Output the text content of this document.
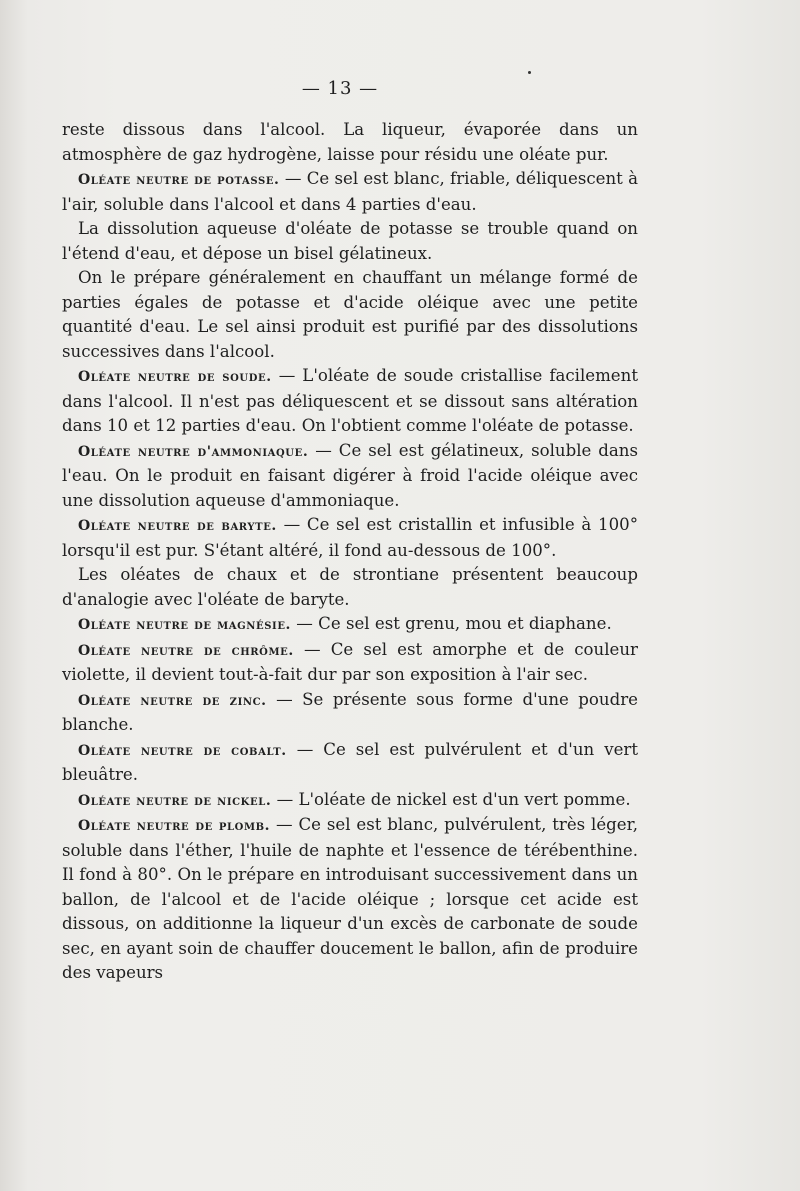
— 13 —

reste dissous dans l'alcool. La liqueur, évaporée dans un atmosphère de gaz hydrogène, laisse pour résidu une oléate pur.

Oléate neutre de potasse. — Ce sel est blanc, friable, déliquescent à l'air, soluble dans l'alcool et dans 4 parties d'eau.

La dissolution aqueuse d'oléate de potasse se trouble quand on l'étend d'eau, et dépose un bisel gélatineux.

On le prépare généralement en chauffant un mélange formé de parties égales de potasse et d'acide oléique avec une petite quantité d'eau. Le sel ainsi produit est purifié par des dissolutions successives dans l'alcool.

Oléate neutre de soude. — L'oléate de soude cristallise facilement dans l'alcool. Il n'est pas déliquescent et se dissout sans altération dans 10 et 12 parties d'eau. On l'obtient comme l'oléate de potasse.

Oléate neutre d'ammoniaque. — Ce sel est gélatineux, soluble dans l'eau. On le produit en faisant digérer à froid l'acide oléique avec une dissolution aqueuse d'ammoniaque.

Oléate neutre de baryte. — Ce sel est cristallin et infusible à 100° lorsqu'il est pur. S'étant altéré, il fond au-dessous de 100°.

Les oléates de chaux et de strontiane présentent beaucoup d'analogie avec l'oléate de baryte.

Oléate neutre de magnésie. — Ce sel est grenu, mou et diaphane.

Oléate neutre de chrôme. — Ce sel est amorphe et de couleur violette, il devient tout-à-fait dur par son exposition à l'air sec.

Oléate neutre de zinc. — Se présente sous forme d'une poudre blanche.

Oléate neutre de cobalt. — Ce sel est pulvérulent et d'un vert bleuâtre.

Oléate neutre de nickel. — L'oléate de nickel est d'un vert pomme.

Oléate neutre de plomb. — Ce sel est blanc, pulvérulent, très léger, soluble dans l'éther, l'huile de naphte et l'essence de térébenthine. Il fond à 80°. On le prépare en introduisant successivement dans un ballon, de l'alcool et de l'acide oléique ; lorsque cet acide est dissous, on additionne la liqueur d'un excès de carbonate de soude sec, en ayant soin de chauffer doucement le ballon, afin de produire des vapeurs
